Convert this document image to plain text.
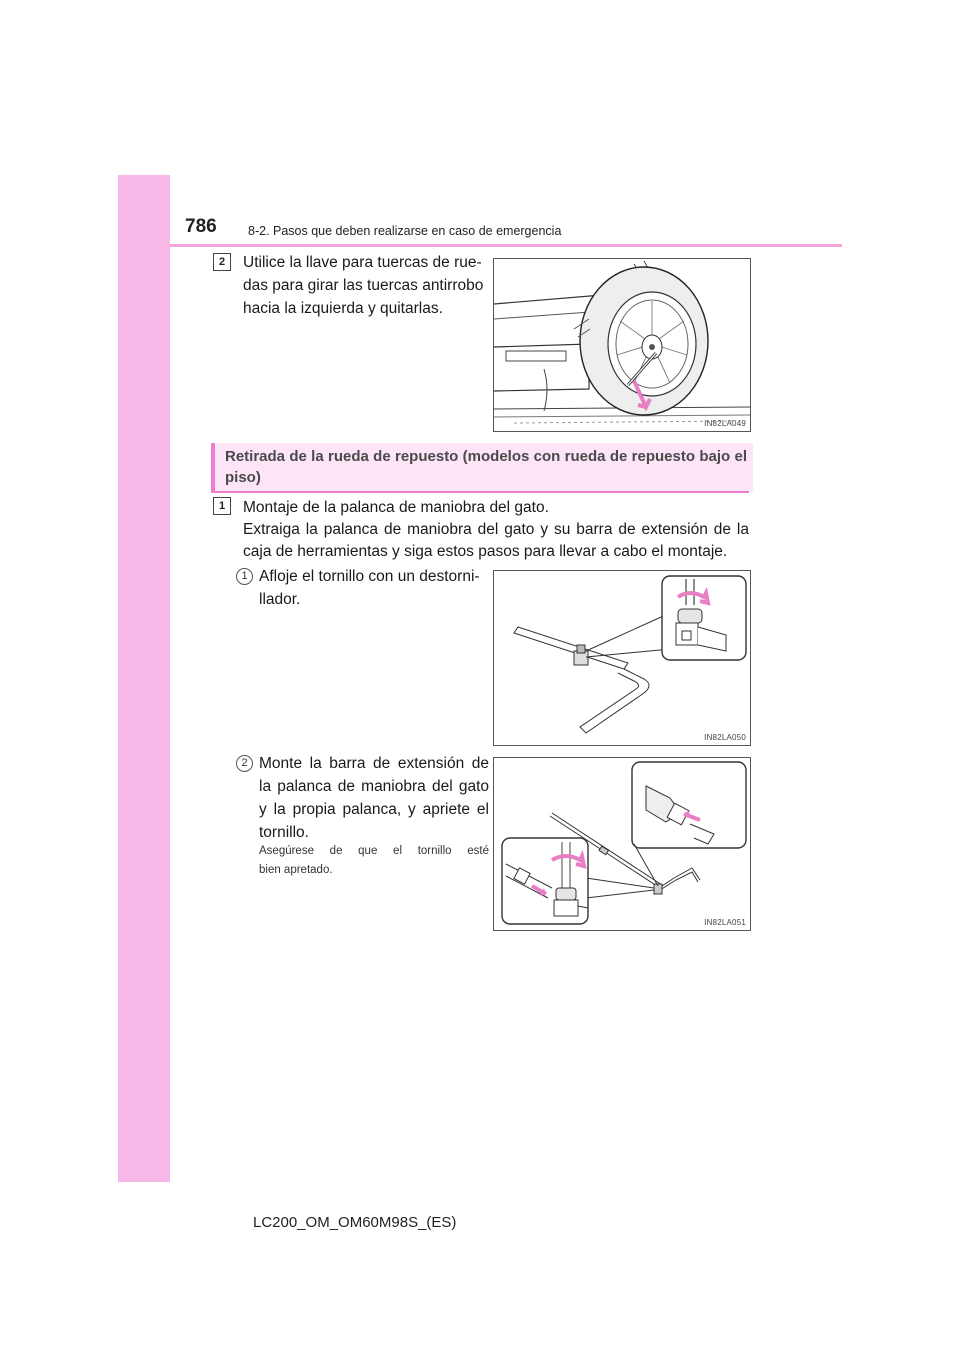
786	8-2. Pasos que deben realizarse en caso de emergencia
2	Utilice la llave para tuercas de rue-
das para girar las tuercas antirrobo
hacia la izquierda y quitarlas.
IN82LA049
Retirada de la rueda de repuesto (modelos con rueda de repuesto bajo el piso)
1	Montaje de la palanca de maniobra del gato.
Extraiga la palanca de maniobra del gato y su barra de extensión de la
caja de herramientas y siga estos pasos para llevar a cabo el montaje.
1 Afloje el tornillo con un destorni-
llador.
IN82LA050
2 Monte la barra de extensión de
la palanca de maniobra del gato
y la propia palanca, y apriete el
tornillo.
Asegúrese de que el tornillo esté
bien apretado.
IN82LA051
LC200_OM_OM60M98S_(ES)
